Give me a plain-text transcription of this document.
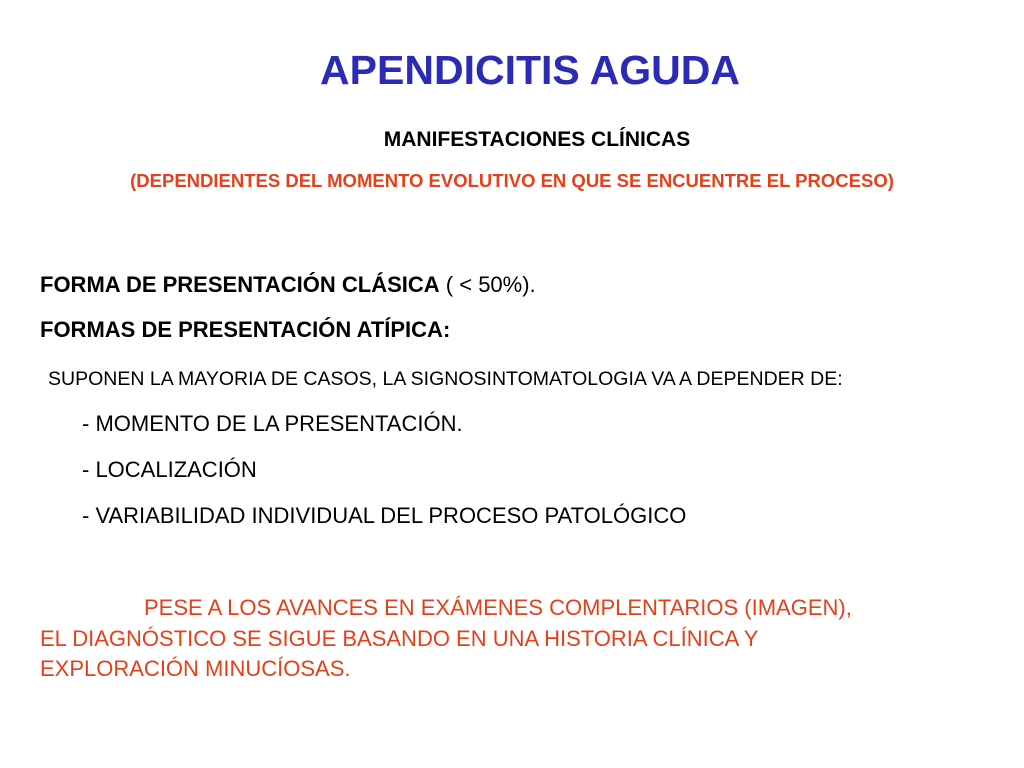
APENDICITIS AGUDA
MANIFESTACIONES CLÍNICAS
(DEPENDIENTES DEL MOMENTO EVOLUTIVO EN QUE SE ENCUENTRE EL PROCESO)
FORMA DE PRESENTACIÓN CLÁSICA ( < 50%).
FORMAS DE PRESENTACIÓN ATÍPICA:
SUPONEN LA MAYORIA DE CASOS, LA SIGNOSINTOMATOLOGIA VA A DEPENDER DE:
- MOMENTO DE LA PRESENTACIÓN.
- LOCALIZACIÓN
- VARIABILIDAD INDIVIDUAL DEL PROCESO PATOLÓGICO
PESE A LOS AVANCES EN EXÁMENES COMPLENTARIOS (IMAGEN),
EL DIAGNÓSTICO SE SIGUE BASANDO EN UNA HISTORIA CLÍNICA Y
EXPLORACIÓN MINUCÍOSAS.
